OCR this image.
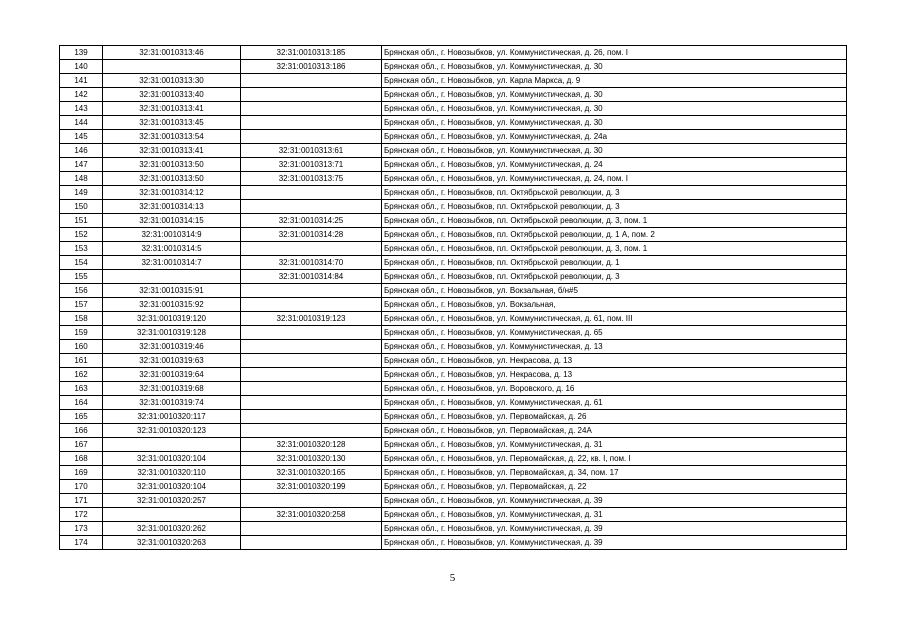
139	32:31:0010313:46	32:31:0010313:185	Брянская обл., г. Новозыбков, ул. Коммунистическая, д. 26, пом. I
140		32:31:0010313:186	Брянская обл., г. Новозыбков, ул. Коммунистическая, д. 30
141	32:31:0010313:30		Брянская обл., г. Новозыбков, ул. Карла Маркса, д. 9
142	32:31:0010313:40		Брянская обл., г. Новозыбков, ул. Коммунистическая, д. 30
143	32:31:0010313:41		Брянская обл., г. Новозыбков, ул. Коммунистическая, д. 30
144	32:31:0010313:45		Брянская обл., г. Новозыбков, ул. Коммунистическая, д. 30
145	32:31:0010313:54		Брянская обл., г. Новозыбков, ул. Коммунистическая, д. 24а
146	32:31:0010313:41	32:31:0010313:61	Брянская обл., г. Новозыбков, ул. Коммунистическая, д. 30
147	32:31:0010313:50	32:31:0010313:71	Брянская обл., г. Новозыбков, ул. Коммунистическая, д. 24
148	32:31:0010313:50	32:31:0010313:75	Брянская обл., г. Новозыбков, ул. Коммунистическая, д. 24, пом. I
149	32:31:0010314:12		Брянская обл., г. Новозыбков, пл. Октябрьской революции, д. 3
150	32:31:0010314:13		Брянская обл., г. Новозыбков, пл. Октябрьской революции, д. 3
151	32:31:0010314:15	32:31:0010314:25	Брянская обл., г. Новозыбков, пл. Октябрьской революции, д. 3, пом. 1
152	32:31:0010314:9	32:31:0010314:28	Брянская обл., г. Новозыбков, пл. Октябрьской революции, д. 1 А, пом. 2
153	32:31:0010314:5		Брянская обл., г. Новозыбков, пл. Октябрьской революции, д. 3, пом. 1
154	32:31:0010314:7	32:31:0010314:70	Брянская обл., г. Новозыбков, пл. Октябрьской революции, д. 1
155		32:31:0010314:84	Брянская обл., г. Новозыбков, пл. Октябрьской революции, д. 3
156	32:31:0010315:91		Брянская обл., г. Новозыбков, ул. Вокзальная, б/н#5
157	32:31:0010315:92		Брянская обл., г. Новозыбков, ул. Вокзальная,
158	32:31:0010319:120	32:31:0010319:123	Брянская обл., г. Новозыбков, ул. Коммунистическая, д. 61, пом. III
159	32:31:0010319:128		Брянская обл., г. Новозыбков, ул. Коммунистическая, д. 65
160	32:31:0010319:46		Брянская обл., г. Новозыбков, ул. Коммунистическая, д. 13
161	32:31:0010319:63		Брянская обл., г. Новозыбков, ул. Некрасова, д. 13
162	32:31:0010319:64		Брянская обл., г. Новозыбков, ул. Некрасова, д. 13
163	32:31:0010319:68		Брянская обл., г. Новозыбков, ул. Воровского, д. 16
164	32:31:0010319:74		Брянская обл., г. Новозыбков, ул. Коммунистическая, д. 61
165	32:31:0010320:117		Брянская обл., г. Новозыбков, ул. Первомайская, д. 26
166	32:31:0010320:123		Брянская обл., г. Новозыбков, ул. Первомайская, д. 24А
167		32:31:0010320:128	Брянская обл., г. Новозыбков, ул. Коммунистическая, д. 31
168	32:31:0010320:104	32:31:0010320:130	Брянская обл., г. Новозыбков, ул. Первомайская, д. 22, кв. I, пом. I
169	32:31:0010320:110	32:31:0010320:165	Брянская обл., г. Новозыбков, ул. Первомайская, д. 34, пом. 17
170	32:31:0010320:104	32:31:0010320:199	Брянская обл., г. Новозыбков, ул. Первомайская, д. 22
171	32:31:0010320:257		Брянская обл., г. Новозыбков, ул. Коммунистическая, д. 39
172		32:31:0010320:258	Брянская обл., г. Новозыбков, ул. Коммунистическая, д. 31
173	32:31:0010320:262		Брянская обл., г. Новозыбков, ул. Коммунистическая, д. 39
174	32:31:0010320:263		Брянская обл., г. Новозыбков, ул. Коммунистическая, д. 39
5
